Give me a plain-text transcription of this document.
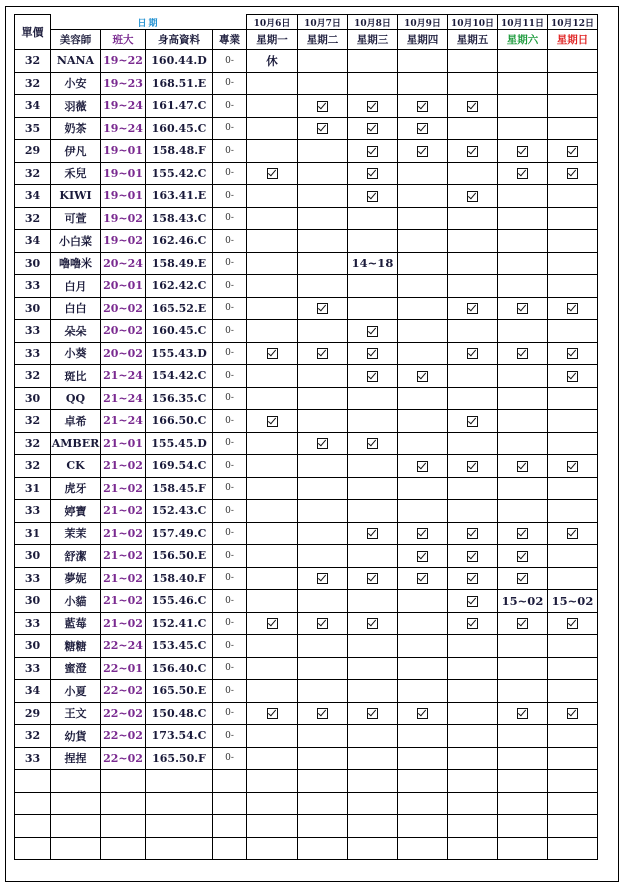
單價	日期				10月6日	10月7日	10月8日	10月9日	10月10日	10月11日	10月12日
	美容師	班大	身高資料	專業	星期一	星期二	星期三	星期四	星期五	星期六	星期日
32	NANA	19~22	160.44.D	0-	休						
32	小安	19~23	168.51.E	0-							
34	羽薇	19~24	161.47.C	0-							
35	奶茶	19~24	160.45.C	0-							
29	伊凡	19~01	158.48.F	0-							
32	禾兒	19~01	155.42.C	0-							
34	KIWI	19~01	163.41.E	0-							
32	可萱	19~02	158.43.C	0-							
34	小白菜	19~02	162.46.C	0-							
30	嚕嚕米	20~24	158.49.E	0-			14~18				
33	白月	20~01	162.42.C	0-							
30	白白	20~02	165.52.E	0-							
33	朵朵	20~02	160.45.C	0-							
33	小葵	20~02	155.43.D	0-							
32	斑比	21~24	154.42.C	0-							
30	QQ	21~24	156.35.C	0-							
32	卓希	21~24	166.50.C	0-							
32	AMBER	21~01	155.45.D	0-							
32	CK	21~02	169.54.C	0-							
31	虎牙	21~02	158.45.F	0-							
33	婷寶	21~02	152.43.C	0-							
31	茉茉	21~02	157.49.C	0-							
30	舒潔	21~02	156.50.E	0-							
33	夢妮	21~02	158.40.F	0-							
30	小貓	21~02	155.46.C	0-						15~02	15~02
33	藍莓	21~02	152.41.C	0-							
30	糖糖	22~24	153.45.C	0-							
33	蜜澄	22~01	156.40.C	0-							
34	小夏	22~02	165.50.E	0-							
29	王文	22~02	150.48.C	0-							
32	幼貨	22~02	173.54.C	0-							
33	捏捏	22~02	165.50.F	0-							
